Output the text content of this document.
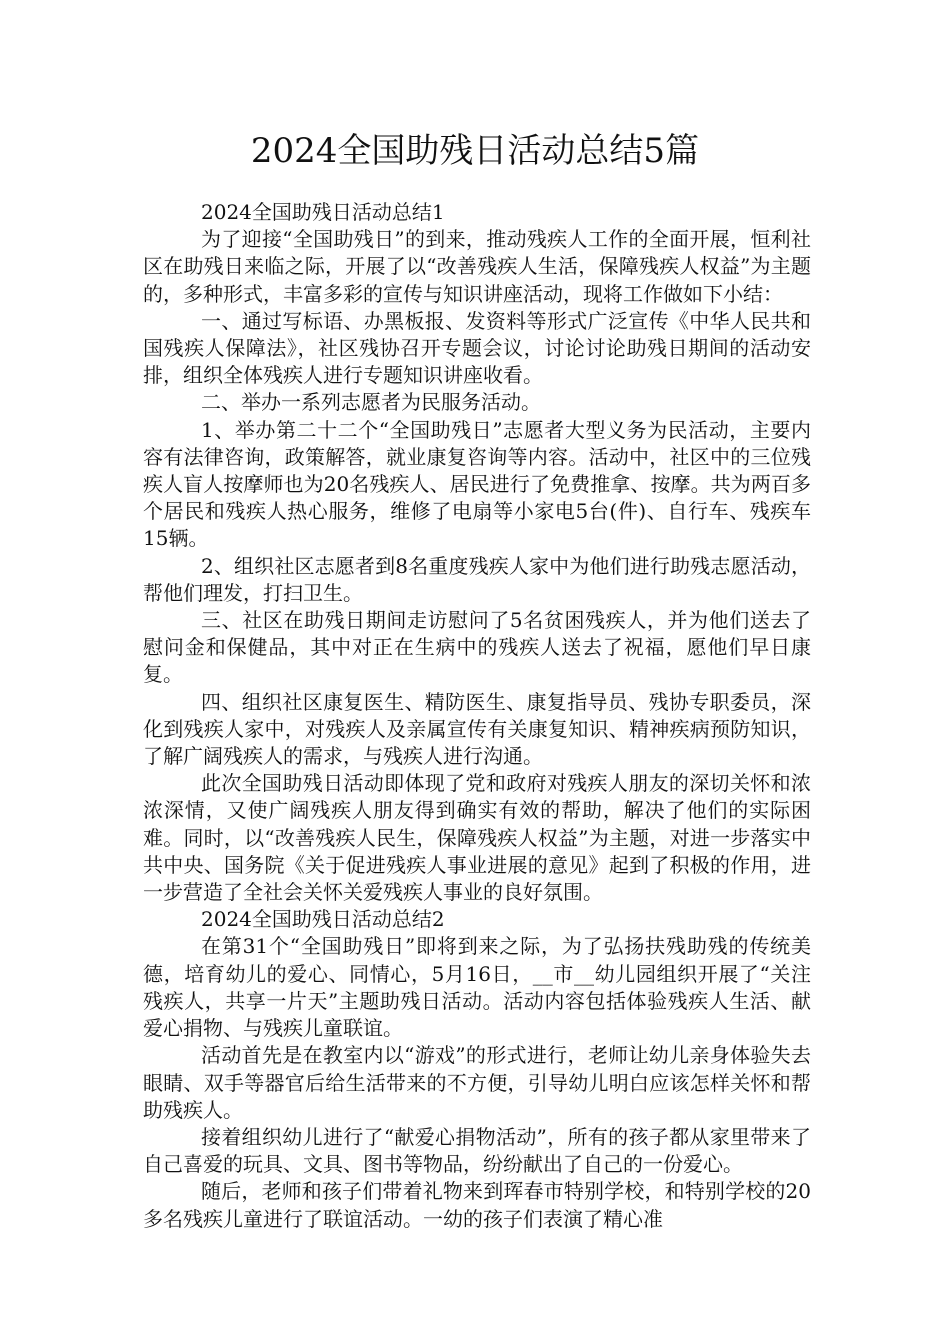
2024全国助残日活动总结5篇

2024全国助残日活动总结1

为了迎接“全国助残日”的到来，推动残疾人工作的全面开展，恒利社区在助残日来临之际，开展了以“改善残疾人生活，保障残疾人权益”为主题的，多种形式，丰富多彩的宣传与知识讲座活动，现将工作做如下小结：

一、通过写标语、办黑板报、发资料等形式广泛宣传《中华人民共和国残疾人保障法》，社区残协召开专题会议，讨论讨论助残日期间的活动安排，组织全体残疾人进行专题知识讲座收看。

二、举办一系列志愿者为民服务活动。

1、举办第二十二个“全国助残日”志愿者大型义务为民活动，主要内容有法律咨询，政策解答，就业康复咨询等内容。活动中，社区中的三位残疾人盲人按摩师也为20名残疾人、居民进行了免费推拿、按摩。共为两百多个居民和残疾人热心服务，维修了电扇等小家电5台(件)、自行车、残疾车15辆。

2、组织社区志愿者到8名重度残疾人家中为他们进行助残志愿活动，帮他们理发，打扫卫生。

三、社区在助残日期间走访慰问了5名贫困残疾人，并为他们送去了慰问金和保健品，其中对正在生病中的残疾人送去了祝福，愿他们早日康复。

四、组织社区康复医生、精防医生、康复指导员、残协专职委员，深化到残疾人家中，对残疾人及亲属宣传有关康复知识、精神疾病预防知识，了解广阔残疾人的需求，与残疾人进行沟通。

此次全国助残日活动即体现了党和政府对残疾人朋友的深切关怀和浓浓深情，又使广阔残疾人朋友得到确实有效的帮助，解决了他们的实际困难。同时，以“改善残疾人民生，保障残疾人权益”为主题，对进一步落实中共中央、国务院《关于促进残疾人事业进展的意见》起到了积极的作用，进一步营造了全社会关怀关爱残疾人事业的良好氛围。

2024全国助残日活动总结2

在第31个“全国助残日”即将到来之际，为了弘扬扶残助残的传统美德，培育幼儿的爱心、同情心，5月16日，__市__幼儿园组织开展了“关注残疾人，共享一片天”主题助残日活动。活动内容包括体验残疾人生活、献爱心捐物、与残疾儿童联谊。

活动首先是在教室内以“游戏”的形式进行，老师让幼儿亲身体验失去眼睛、双手等器官后给生活带来的不方便，引导幼儿明白应该怎样关怀和帮助残疾人。

接着组织幼儿进行了“献爱心捐物活动”，所有的孩子都从家里带来了自己喜爱的玩具、文具、图书等物品，纷纷献出了自己的一份爱心。

随后，老师和孩子们带着礼物来到珲春市特别学校，和特别学校的20多名残疾儿童进行了联谊活动。一幼的孩子们表演了精心准
